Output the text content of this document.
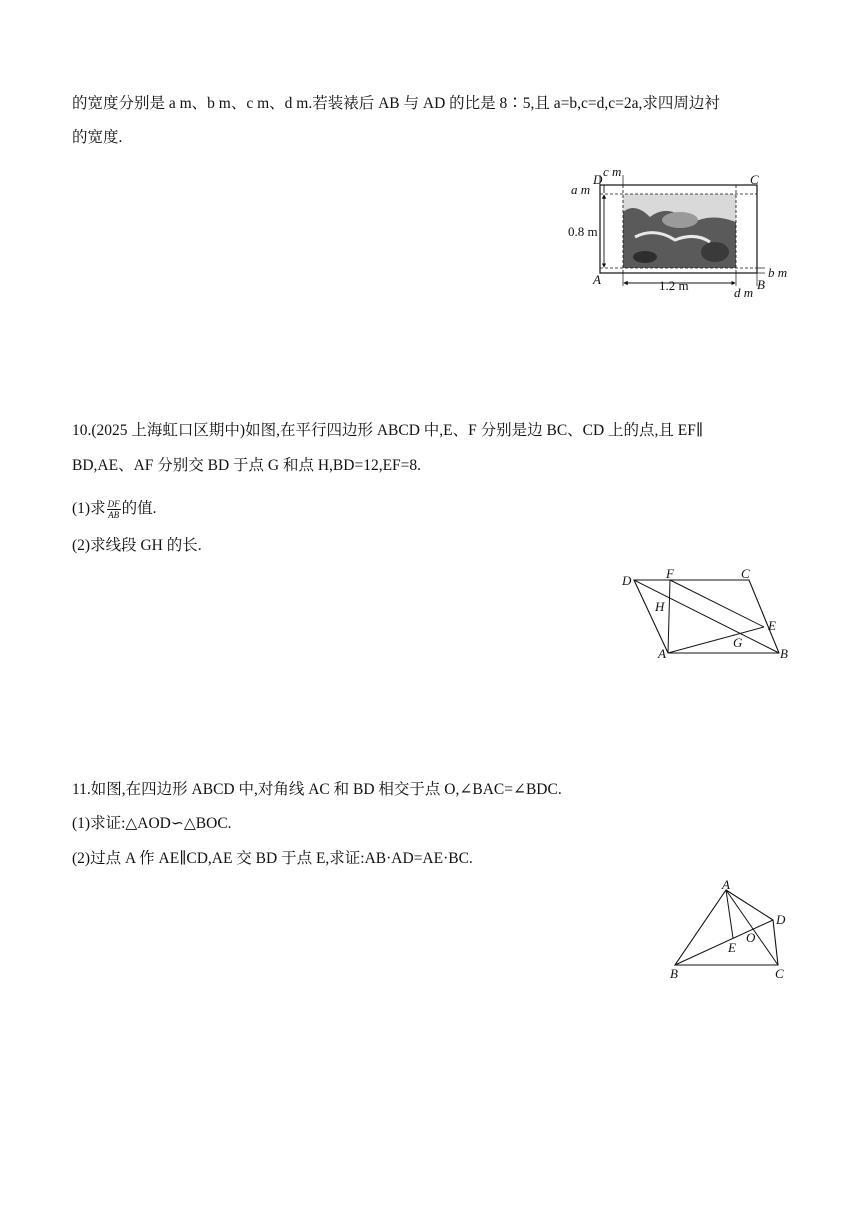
的宽度分别是 a m、b m、c m、d m.若装裱后 AB 与 AD 的比是 8∶5,且 a=b,c=d,c=2a,求四周边衬
的宽度.
D	C
A	B
c m
a m
0.8 m
1.2 m
b m
d m
10.(2025 上海虹口区期中)如图,在平行四边形 ABCD 中,E、F 分别是边 BC、CD 上的点,且 EF∥
BD,AE、AF 分别交 BD 于点 G 和点 H,BD=12,EF=8.
(1)求 $\frac{DF}{AB}$ 的值.
(2)求线段 GH 的长.
D	F	C
H
E
G
A	B
11.如图,在四边形 ABCD 中,对角线 AC 和 BD 相交于点 O,∠BAC=∠BDC.
(1)求证:△AOD∽△BOC.
(2)过点 A 作 AE∥CD,AE 交 BD 于点 E,求证:AB·AD=AE·BC.
A
D
O
E
B	C
